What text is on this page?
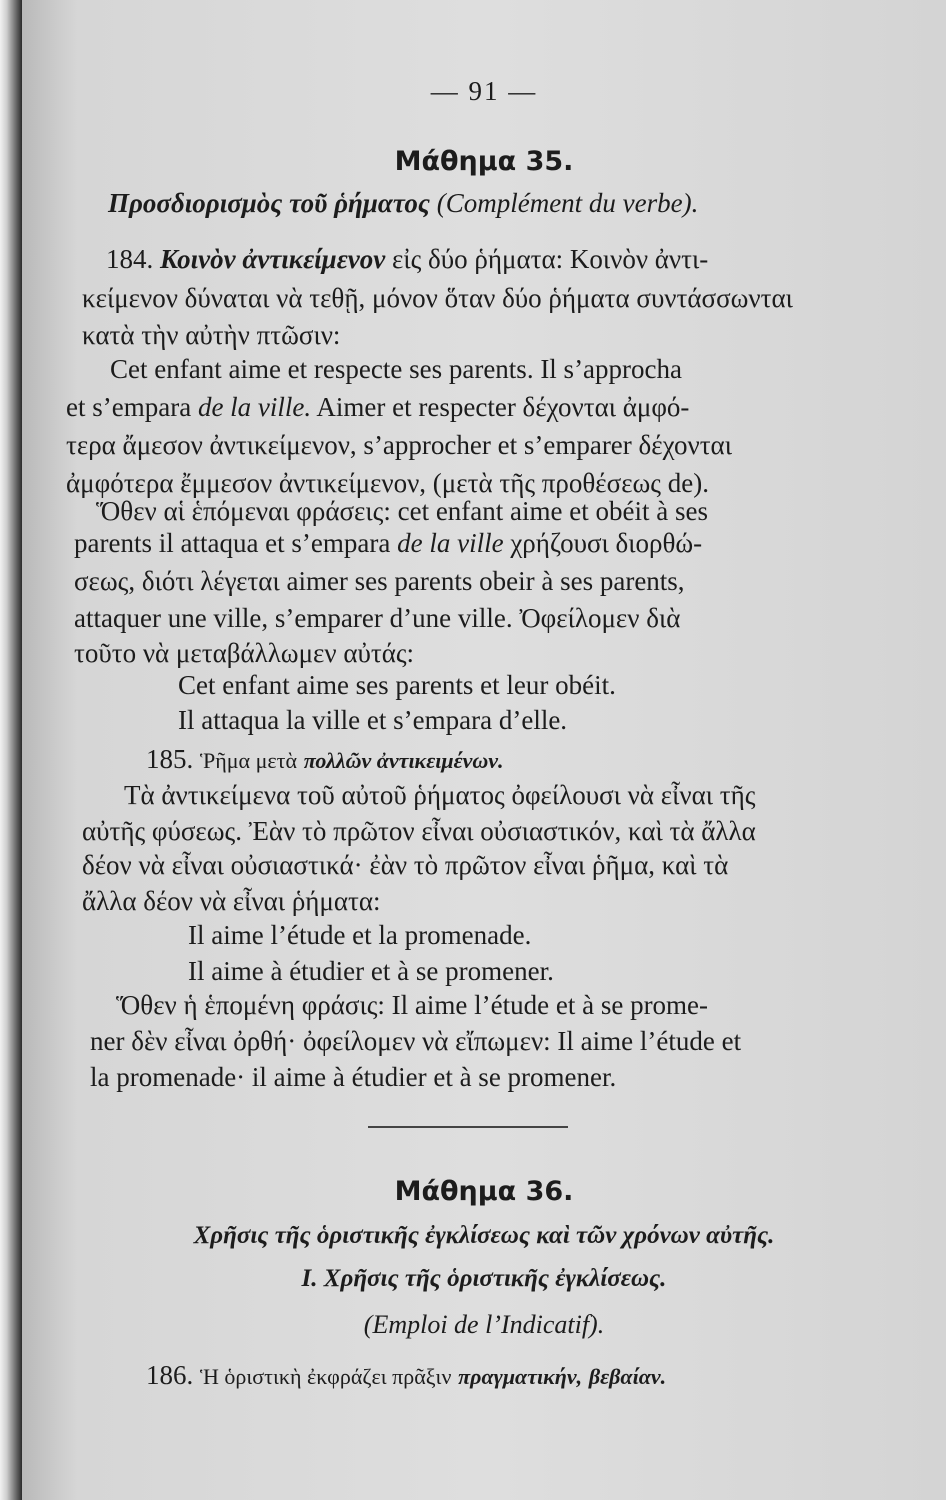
— 91 —
Μάθημα 35.
Προσδιορισμὸς τοῦ ῥήματος (Complément du verbe).
184. Κοινὸν ἀντικείμενον εἰς δύο ῥήματα: Κοινὸν ἀντι-
κείμενον δύναται νὰ τεθῇ, μόνον ὅταν δύο ῥήματα συντάσσωνται
κατὰ τὴν αὐτὴν πτῶσιν:
Cet enfant aime et respecte ses parents. Il s’approcha
et s’empara de la ville. Aimer et respecter δέχονται ἀμφό-
τερα ἄμεσον ἀντικείμενον, s’approcher et s’emparer δέχονται
ἀμφότερα ἔμμεσον ἀντικείμενον, (μετὰ τῆς προθέσεως de).
Ὅθεν αἱ ἑπόμεναι φράσεις: cet enfant aime et obéit à ses
parents il attaqua et s’empara de la ville χρήζουσι διορθώ-
σεως, διότι λέγεται aimer ses parents obeir à ses parents,
attaquer une ville, s’emparer d’une ville. Ὀφείλομεν διὰ
τοῦτο νὰ μεταβάλλωμεν αὐτάς:
Cet enfant aime ses parents et leur obéit.
Il attaqua la ville et s’empara d’elle.
185. Ῥῆμα μετὰ πολλῶν ἀντικειμένων.
Τὰ ἀντικείμενα τοῦ αὐτοῦ ῥήματος ὀφείλουσι νὰ εἶναι τῆς
αὐτῆς φύσεως. Ἐὰν τὸ πρῶτον εἶναι οὐσιαστικόν, καὶ τὰ ἄλλα
δέον νὰ εἶναι οὐσιαστικά· ἐὰν τὸ πρῶτον εἶναι ῥῆμα, καὶ τὰ
ἄλλα δέον νὰ εἶναι ῥήματα:
Il aime l’étude et la promenade.
Il aime à étudier et à se promener.
Ὅθεν ἡ ἑπομένη φράσις: Il aime l’étude et à se prome-
ner δὲν εἶναι ὀρθή· ὀφείλομεν νὰ εἴπωμεν: Il aime l’étude et
la promenade· il aime à étudier et à se promener.
Μάθημα 36.
Χρῆσις τῆς ὁριστικῆς ἐγκλίσεως καὶ τῶν χρόνων αὐτῆς.
I. Χρῆσις τῆς ὁριστικῆς ἐγκλίσεως.
(Emploi de l’Indicatif).
186. Ἡ ὁριστικὴ ἐκφράζει πρᾶξιν πραγματικήν, βεβαίαν.
